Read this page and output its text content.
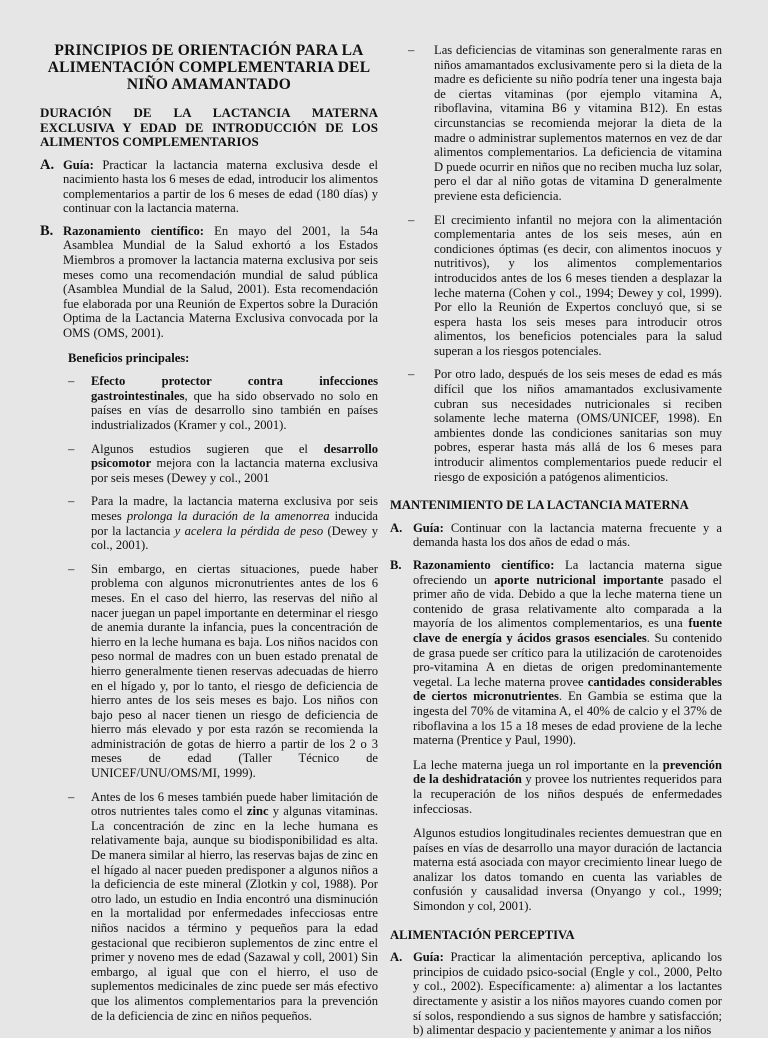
PRINCIPIOS DE ORIENTACIÓN PARA LA
ALIMENTACIÓN COMPLEMENTARIA DEL
NIÑO AMAMANTADO
DURACIÓN DE LA LACTANCIA MATERNA EXCLUSIVA Y EDAD DE INTRODUCCIÓN DE LOS ALIMENTOS COMPLEMENTARIOS
A. Guía: Practicar la lactancia materna exclusiva desde el nacimiento hasta los 6 meses de edad, introducir los alimentos complementarios a partir de los 6 meses de edad (180 días) y continuar con la lactancia materna.
B. Razonamiento científico: En mayo del 2001, la 54a Asamblea Mundial de la Salud exhortó a los Estados Miembros a promover la lactancia materna exclusiva por seis meses como una recomendación mundial de salud pública (Asamblea Mundial de la Salud, 2001). Esta recomendación fue elaborada por una Reunión de Expertos sobre la Duración Optima de la Lactancia Materna Exclusiva convocada por la OMS (OMS, 2001).
Beneficios principales:
–	Efecto protector contra infecciones gastrointestinales, que ha sido observado no solo en países en vías de desarrollo sino también en países industrializados (Kramer y col., 2001).
–	Algunos estudios sugieren que el desarrollo psicomotor mejora con la lactancia materna exclusiva por seis meses (Dewey y col., 2001
–	Para la madre, la lactancia materna exclusiva por seis meses prolonga la duración de la amenorrea inducida por la lactancia y acelera la pérdida de peso (Dewey y col., 2001).
–	Sin embargo, en ciertas situaciones, puede haber problema con algunos micronutrientes antes de los 6 meses. En el caso del hierro, las reservas del niño al nacer juegan un papel importante en determinar el riesgo de anemia durante la infancia, pues la concentración de hierro en la leche humana es baja. Los niños nacidos con peso normal de madres con un buen estado prenatal de hierro generalmente tienen reservas adecuadas de hierro en el hígado y, por lo tanto, el riesgo de deficiencia de hierro antes de los seis meses es bajo. Los niños con bajo peso al nacer tienen un riesgo de deficiencia de hierro más elevado y por esta razón se recomienda la administración de gotas de hierro a partir de los 2 o 3 meses de edad (Taller Técnico de UNICEF/UNU/OMS/MI, 1999).
–	Antes de los 6 meses también puede haber limitación de otros nutrientes tales como el zinc y algunas vitaminas. La concentración de zinc en la leche humana es relativamente baja, aunque su biodisponibilidad es alta. De manera similar al hierro, las reservas bajas de zinc en el hígado al nacer pueden predisponer a algunos niños a la deficiencia de este mineral (Zlotkin y col, 1988). Por otro lado, un estudio en India encontró una disminución en la mortalidad por enfermedades infecciosas entre niños nacidos a término y pequeños para la edad gestacional que recibieron suplementos de zinc entre el primer y noveno mes de edad (Sazawal y coll, 2001) Sin embargo, al igual que con el hierro, el uso de suplementos medicinales de zinc puede ser más efectivo que los alimentos complementarios para la prevención de la deficiencia de zinc en niños pequeños.
–	Las deficiencias de vitaminas son generalmente raras en niños amamantados exclusivamente pero si la dieta de la madre es deficiente su niño podría tener una ingesta baja de ciertas vitaminas (por ejemplo vitamina A, riboflavina, vitamina B6 y vitamina B12). En estas circunstancias se recomienda mejorar la dieta de la madre o administrar suplementos maternos en vez de dar alimentos complementarios. La deficiencia de vitamina D puede ocurrir en niños que no reciben mucha luz solar, pero el dar al niño gotas de vitamina D generalmente previene esta deficiencia.
–	El crecimiento infantil no mejora con la alimentación complementaria antes de los seis meses, aún en condiciones óptimas (es decir, con alimentos inocuos y nutritivos), y los alimentos complementarios introducidos antes de los 6 meses tienden a desplazar la leche materna (Cohen y col., 1994; Dewey y col, 1999). Por ello la Reunión de Expertos concluyó que, si se espera hasta los seis meses para introducir otros alimentos, los beneficios potenciales para la salud superan a los riesgos potenciales.
–	Por otro lado, después de los seis meses de edad es más difícil que los niños amamantados exclusivamente cubran sus necesidades nutricionales si reciben solamente leche materna (OMS/UNICEF, 1998). En ambientes donde las condiciones sanitarias son muy pobres, esperar hasta más allá de los 6 meses para introducir alimentos complementarios puede reducir el riesgo de exposición a patógenos alimenticios.
MANTENIMIENTO DE LA LACTANCIA MATERNA
A. Guía: Continuar con la lactancia materna frecuente y a demanda hasta los dos años de edad o más.
B. Razonamiento científico: La lactancia materna sigue ofreciendo un aporte nutricional importante pasado el primer año de vida. Debido a que la leche materna tiene un contenido de grasa relativamente alto comparada a la mayoría de los alimentos complementarios, es una fuente clave de energía y ácidos grasos esenciales. Su contenido de grasa puede ser crítico para la utilización de carotenoides pro-vitamina A en dietas de origen predominantemente vegetal. La leche materna provee cantidades considerables de ciertos micronutrientes. En Gambia se estima que la ingesta del 70% de vitamina A, el 40% de calcio y el 37% de riboflavina a los 15 a 18 meses de edad proviene de la leche materna (Prentice y Paul, 1990).

La leche materna juega un rol importante en la prevención de la deshidratación y provee los nutrientes requeridos para la recuperación de los niños después de enfermedades infecciosas.

Algunos estudios longitudinales recientes demuestran que en países en vías de desarrollo una mayor duración de lactancia materna está asociada con mayor crecimiento linear luego de analizar los datos tomando en cuenta las variables de confusión y causalidad inversa (Onyango y col., 1999; Simondon y col, 2001).

ALIMENTACIÓN PERCEPTIVA
A. Guía: Practicar la alimentación perceptiva, aplicando los principios de cuidado psico-social (Engle y col., 2000, Pelto y col., 2002). Específicamente: a) alimentar a los lactantes directamente y asistir a los niños mayores cuando comen por sí solos, respondiendo a sus signos de hambre y satisfacción; b) alimentar despacio y pacientemente y animar a los niños
